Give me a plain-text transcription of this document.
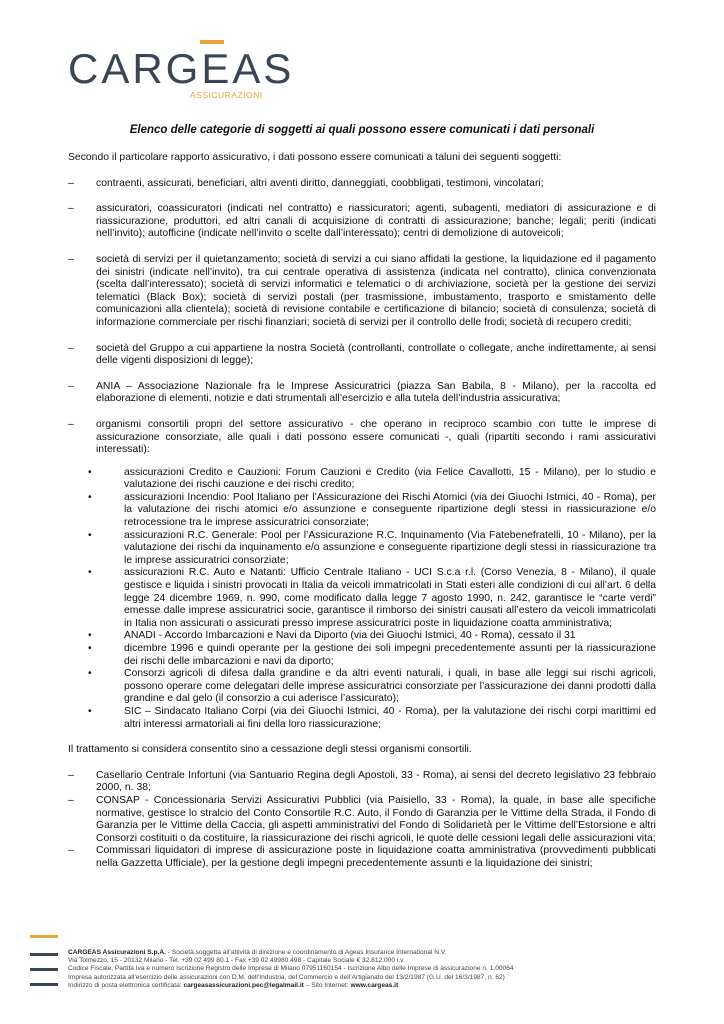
CARGEAS
ASSICURAZIONI
Elenco delle categorie di soggetti ai quali possono essere comunicati i dati personali

Secondo il particolare rapporto assicurativo, i dati possono essere comunicati a taluni dei seguenti soggetti:

– contraenti, assicurati, beneficiari, altri aventi diritto, danneggiati, coobbligati, testimoni, vincolatari;
– assicuratori, coassicuratori (indicati nel contratto) e riassicuratori; agenti, subagenti, mediatori di assicurazione e di riassicurazione, produttori, ed altri canali di acquisizione di contratti di assicurazione; banche; legali; periti (indicati nell’invito); autofficine (indicate nell’invito o scelte dall’interessato); centri di demolizione di autoveicoli;
– società di servizi per il quietanzamento; società di servizi a cui siano affidati la gestione, la liquidazione ed il pagamento dei sinistri (indicate nell’invito), tra cui centrale operativa di assistenza (indicata nel contratto), clinica convenzionata (scelta dall’interessato); società di servizi informatici e telematici o di archiviazione, società per la gestione dei servizi telematici (Black Box); società di servizi postali (per trasmissione, imbustamento, trasporto e smistamento delle comunicazioni alla clientela); società di revisione contabile e certificazione di bilancio; società di consulenza; società di informazione commerciale per rischi finanziari; società di servizi per il controllo delle frodi; società di recupero crediti;
– società del Gruppo a cui appartiene la nostra Società (controllanti, controllate o collegate, anche indirettamente, ai sensi delle vigenti disposizioni di legge);
– ANIA – Associazione Nazionale fra le Imprese Assicuratrici (piazza San Babila, 8 - Milano), per la raccolta ed elaborazione di elementi, notizie e dati strumentali all’esercizio e alla tutela dell’industria assicurativa;
– organismi consortili propri del settore assicurativo - che operano in reciproco scambio con tutte le imprese di assicurazione consorziate, alle quali i dati possono essere comunicati -, quali (ripartiti secondo i rami assicurativi interessati):
•	assicurazioni Credito e Cauzioni: Forum Cauzioni e Credito (via Felice Cavallotti, 15 - Milano), per lo studio e valutazione dei rischi cauzione e dei rischi credito;
•	assicurazioni Incendio: Pool Italiano per l’Assicurazione dei Rischi Atomici (via dei Giuochi Istmici, 40 - Roma), per la valutazione dei rischi atomici e/o assunzione e conseguente ripartizione degli stessi in riassicurazione e/o retrocessione tra le imprese assicuratrici consorziate;
•	assicurazioni R.C. Generale: Pool per l’Assicurazione R.C. Inquinamento (Via Fatebenefratelli, 10 - Milano), per la valutazione dei rischi da inquinamento e/o assunzione e conseguente ripartizione degli stessi in riassicurazione tra le imprese assicuratrici consorziate;
•	assicurazioni R.C. Auto e Natanti: Ufficio Centrale Italiano - UCI S.c.a r.l. (Corso Venezia, 8 - Milano), il quale gestisce e liquida i sinistri provocati in Italia da veicoli immatricolati in Stati esteri alle condizioni di cui all’art. 6 della legge 24 dicembre 1969, n. 990, come modificato dalla legge 7 agosto 1990, n. 242, garantisce le “carte verdi” emesse dalle imprese assicuratrici socie, garantisce il rimborso dei sinistri causati all’estero da veicoli immatricolati in Italia non assicurati o assicurati presso imprese assicuratrici poste in liquidazione coatta amministrativa;
•	ANADI - Accordo Imbarcazioni e Navi da Diporto (via dei Giuochi Istmici, 40 - Roma), cessato il 31
•	dicembre 1996 e quindi operante per la gestione dei soli impegni precedentemente assunti per la riassicurazione dei rischi delle imbarcazioni e navi da diporto;
•	Consorzi agricoli di difesa dalla grandine e da altri eventi naturali, i quali, in base alle leggi sui rischi agricoli, possono operare come delegatari delle imprese assicuratrici consorziate per l’assicurazione dei danni prodotti dalla grandine e dal gelo (il consorzio a cui aderisce l’assicurato);
•	SIC – Sindacato Italiano Corpi (via dei Giuochi Istmici, 40 - Roma), per la valutazione dei rischi corpi marittimi ed altri interessi armatoriali ai fini della loro riassicurazione;

Il trattamento si considera consentito sino a cessazione degli stessi organismi consortili.

– Casellario Centrale Infortuni (via Santuario Regina degli Apostoli, 33 - Roma), ai sensi del decreto legislativo 23 febbraio 2000, n. 38;
– CONSAP - Concessionaria Servizi Assicurativi Pubblici (via Paisiello, 33 - Roma), la quale, in base alle specifiche normative, gestisce lo stralcio del Conto Consortile R.C. Auto, il Fondo di Garanzia per le Vittime della Strada, il Fondo di Garanzia per le Vittime della Caccia, gli aspetti amministrativi del Fondo di Solidarietà per le Vittime dell’Estorsione e altri Consorzi costituiti o da costituire, la riassicurazione dei rischi agricoli, le quote delle cessioni legali delle assicurazioni vita;
– Commissari liquidatori di imprese di assicurazione poste in liquidazione coatta amministrativa (provvedimenti pubblicati nella Gazzetta Ufficiale), per la gestione degli impegni precedentemente assunti e la liquidazione dei sinistri;
CARGEAS Assicurazioni S.p.A. - Società soggetta all’attività di direzione e coordinamento di Ageas Insurance International N.V.
Via Tolmezzo, 15 - 20132 Milano - Tel. +39 02 499 80.1 - Fax +39 02 49980.498 - Capitale Sociale € 32.812.000 i.v.
Codice Fiscale, Partita Iva e numero Iscrizione Registro delle Imprese di Milano 07951160154 - Iscrizione Albo delle Imprese di assicurazione n. 1.00064
Impresa autorizzata all’esercizio delle assicurazioni con D.M. dell’Industria, del Commercio e dell’Artigianato del 13/2/1987 (G.U. del 16/3/1987, n. 62)
Indirizzo di posta elettronica certificata: cargeasassicurazioni.pec@legalmail.it – Sito Internet: www.cargeas.it
